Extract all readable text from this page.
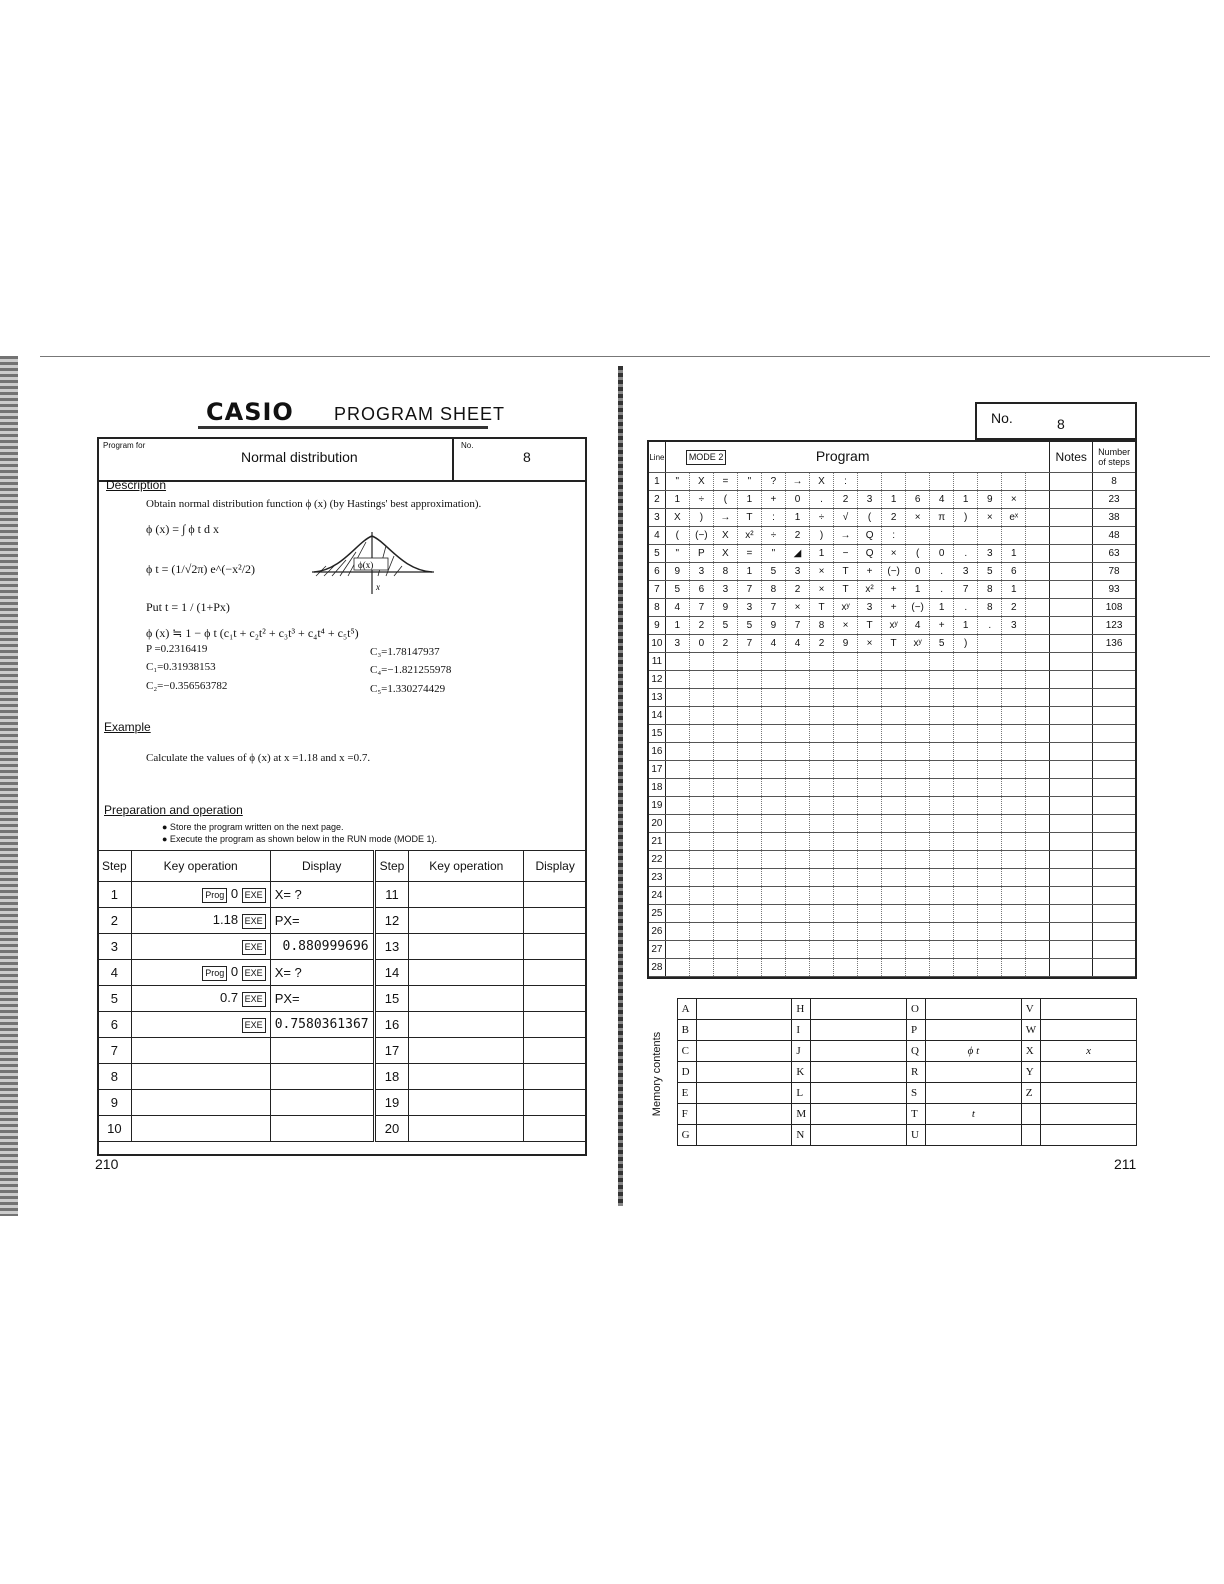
CASIO PROGRAM SHEET
Program for
Normal distribution
No.
8
Description
Obtain normal distribution function ϕ (x) (by Hastings' best approximation).
ϕ (x) = ∫ ϕ t d x
ϕ t = (1/√2π) e^(−x²/2)
Put t = 1 / (1+Px)
ϕ(x)
x
ϕ (x) ≒ 1 − ϕ t (c₁t + c₂t² + c₃t³ + c₄t⁴ + c₅t⁵)
P =0.2316419
C₁=0.31938153
C₂=−0.356563782
C₃=1.78147937
C₄=−1.821255978
C₅=1.330274429
Example
Calculate the values of ϕ (x) at x =1.18 and x =0.7.
Preparation and operation
● Store the program written on the next page.
● Execute the program as shown below in the RUN mode (MODE 1).
Step	Key operation	Display	Step	Key operation	Display
1	Prog 0 EXE	X= ?	11		
2	1.18 EXE	PX=	12		
3	EXE	0.880999696	13		
4	Prog 0 EXE	X= ?	14		
5	0.7 EXE	PX=	15		
6	EXE	0.7580361367	16		
7			17		
8			18		
9			19		
10			20		
210
No.	8
Line	MODE 2 Program																Notes	Number of steps
1	"	X	=	"	?	→	X	:										8
2	1	÷	(	1	+	0	.	2	3	1	6	4	1	9	×			23
3	X	)	→	T	:	1	÷	√	(	2	×	π	)	×	eˣ			38
4	(	(−)	X	x²	÷	2	)	→	Q	:								48
5	"	P	X	=	"	◢	1	−	Q	×	(	0	.	3	1			63
6	9	3	8	1	5	3	×	T	+	(−)	0	.	3	5	6			78
7	5	6	3	7	8	2	×	T	x²	+	1	.	7	8	1			93
8	4	7	9	3	7	×	T	xʸ	3	+	(−)	1	.	8	2			108
9	1	2	5	5	9	7	8	×	T	xʸ	4	+	1	.	3			123
10	3	0	2	7	4	4	2	9	×	T	xʸ	5	)					136
11																		
12																		
13																		
14																		
15																		
16																		
17																		
18																		
19																		
20																		
21																		
22																		
23																		
24																		
25																		
26																		
27																		
28																		
Memory contents
	A		H		O		V	
	B		I		P		W	
	C		J		Q	ϕ t	X	x
	D		K		R		Y	
	E		L		S		Z	
	F		M		T	t		
	G		N		U			
211
